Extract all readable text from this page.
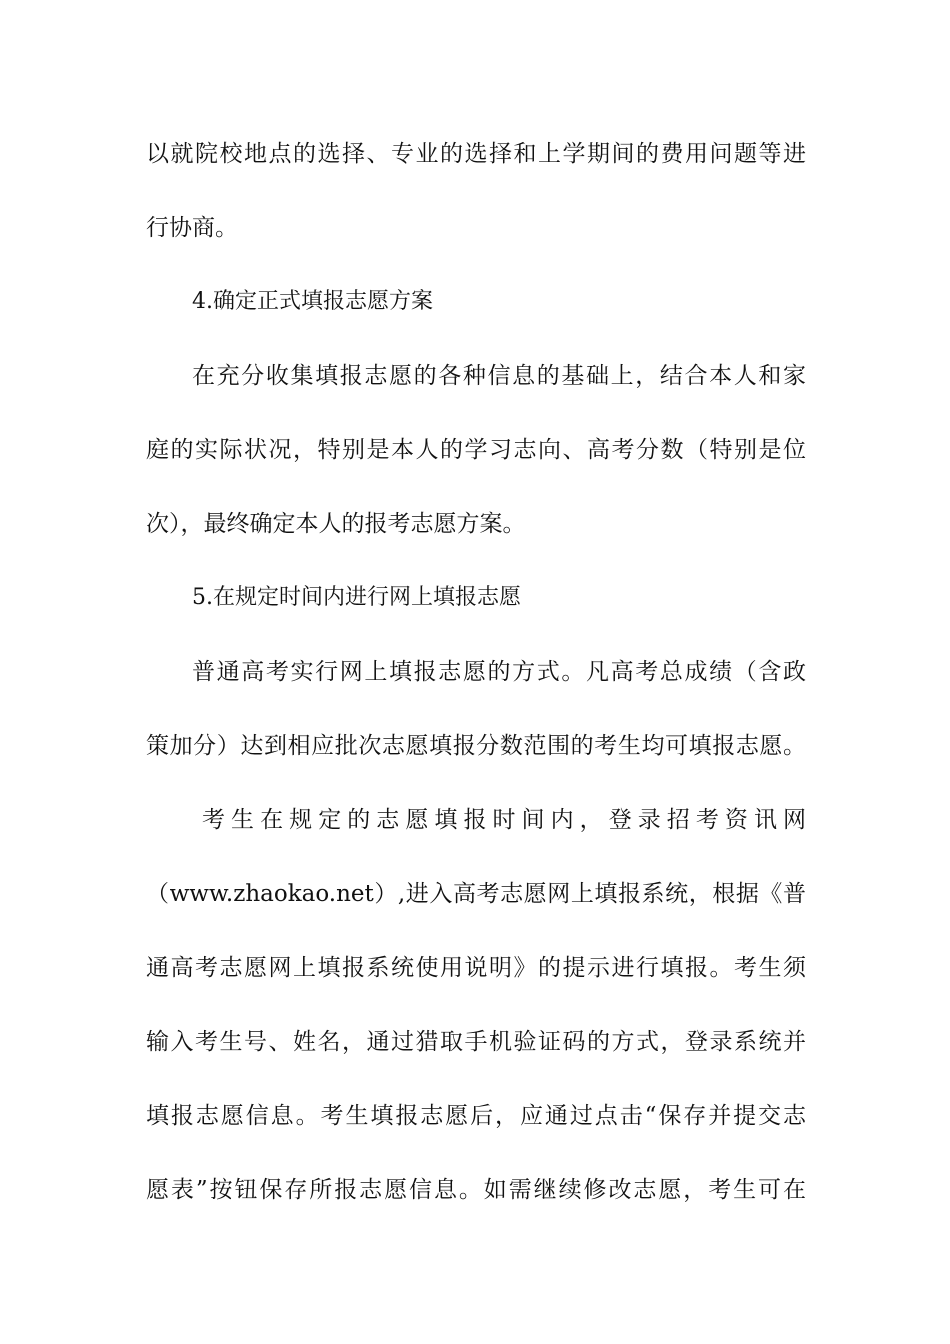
以就院校地点的选择、专业的选择和上学期间的费用问题等进
行协商。
4.确定正式填报志愿方案
在充分收集填报志愿的各种信息的基础上，结合本人和家
庭的实际状况，特别是本人的学习志向、高考分数（特别是位
次），最终确定本人的报考志愿方案。
5.在规定时间内进行网上填报志愿
普通高考实行网上填报志愿的方式。凡高考总成绩（含政
策加分）达到相应批次志愿填报分数范围的考生均可填报志愿。
考生在规定的志愿填报时间内，登录招考资讯网
（www.zhaokao.net）,进入高考志愿网上填报系统，根据《普
通高考志愿网上填报系统使用说明》的提示进行填报。考生须
输入考生号、姓名，通过猎取手机验证码的方式，登录系统并
填报志愿信息。考生填报志愿后，应通过点击“保存并提交志
愿表”按钮保存所报志愿信息。如需继续修改志愿，考生可在
